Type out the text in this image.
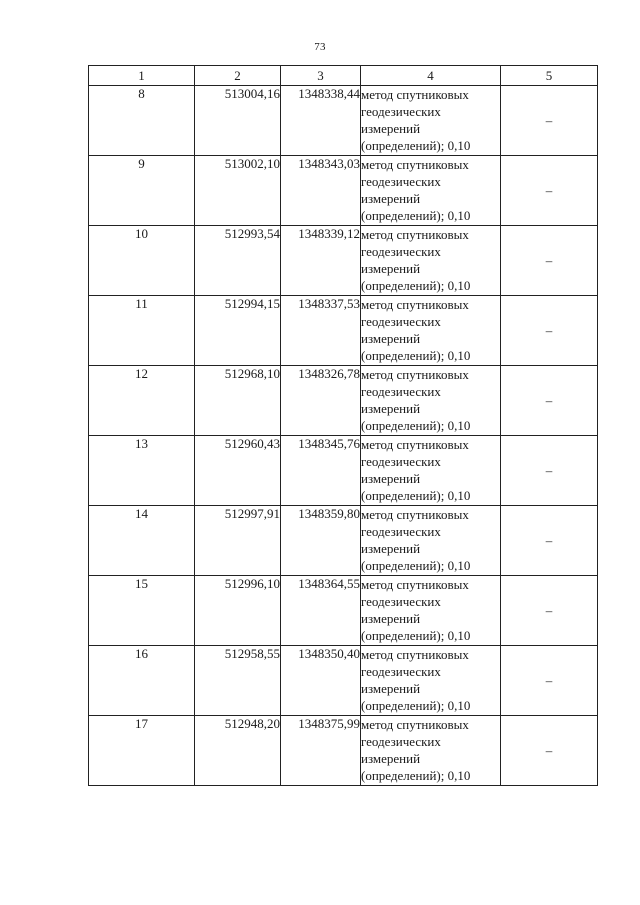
73
1	2	3	4	5
8	513004,16	1348338,44	метод спутниковых
геодезических
измерений
(определений); 0,10	–
9	513002,10	1348343,03	метод спутниковых
геодезических
измерений
(определений); 0,10	–
10	512993,54	1348339,12	метод спутниковых
геодезических
измерений
(определений); 0,10	–
11	512994,15	1348337,53	метод спутниковых
геодезических
измерений
(определений); 0,10	–
12	512968,10	1348326,78	метод спутниковых
геодезических
измерений
(определений); 0,10	–
13	512960,43	1348345,76	метод спутниковых
геодезических
измерений
(определений); 0,10	–
14	512997,91	1348359,80	метод спутниковых
геодезических
измерений
(определений); 0,10	–
15	512996,10	1348364,55	метод спутниковых
геодезических
измерений
(определений); 0,10	–
16	512958,55	1348350,40	метод спутниковых
геодезических
измерений
(определений); 0,10	–
17	512948,20	1348375,99	метод спутниковых
геодезических
измерений
(определений); 0,10	–
